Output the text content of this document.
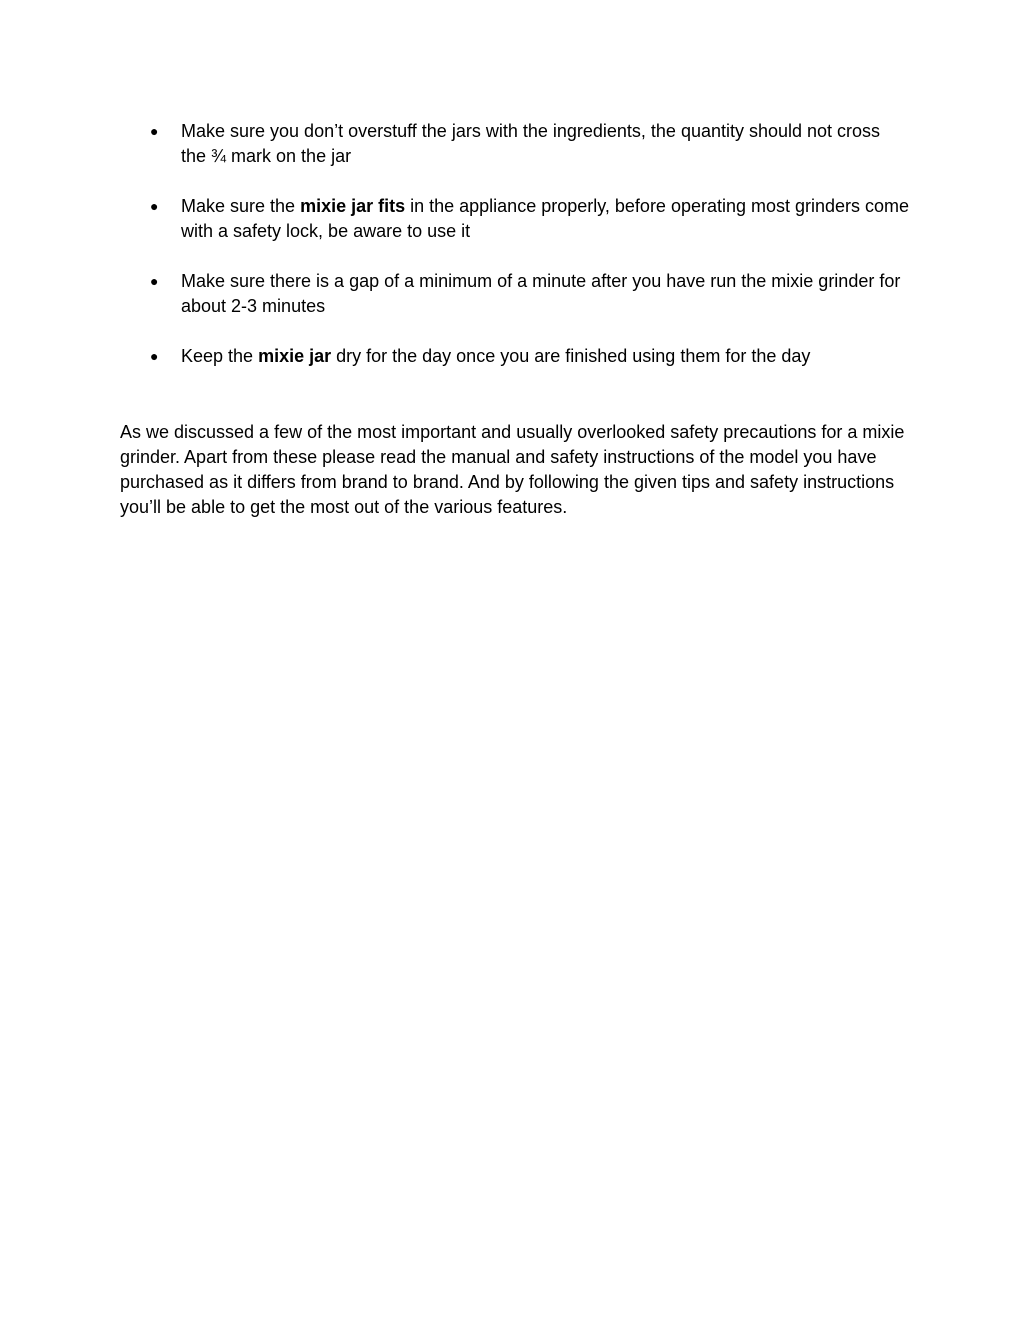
● Make sure you don’t overstuff the jars with the ingredients, the quantity should not cross the ¾ mark on the jar
● Make sure the mixie jar fits in the appliance properly, before operating most grinders come with a safety lock, be aware to use it
● Make sure there is a gap of a minimum of a minute after you have run the mixie grinder for about 2-3 minutes
● Keep the mixie jar dry for the day once you are finished using them for the day

As we discussed a few of the most important and usually overlooked safety precautions for a mixie grinder. Apart from these please read the manual and safety instructions of the model you have purchased as it differs from brand to brand. And by following the given tips and safety instructions you’ll be able to get the most out of the various features.
